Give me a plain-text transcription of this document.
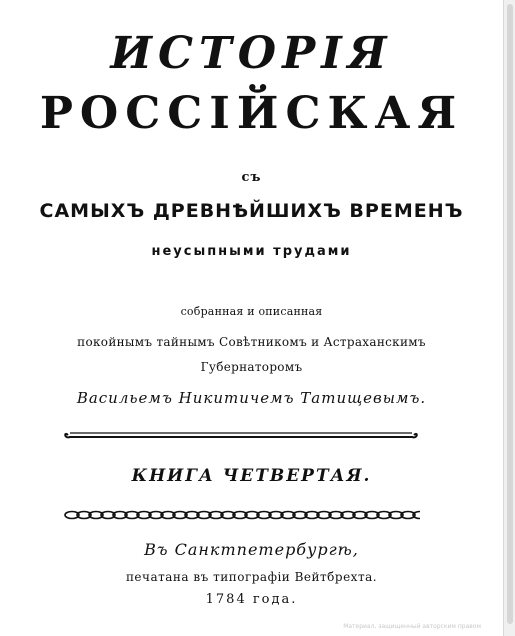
ИСТОРІЯ
РОССІЙСКАЯ
съ
САМЫХЪ ДРЕВНѢЙШИХЪ ВРЕМЕНЪ
неусыпными трудами
собранная и описанная
покойнымъ тайнымъ Совѣтникомъ и Астраханскимъ
Губернаторомъ
Васильемъ Никитичемъ Татищевымъ.
КНИГА ЧЕТВЕРТАЯ.
Въ Санктпетербургѣ,
печатана въ типографіи Вейтбрехта.
1784 года.
Материал, защищенный авторским правом
